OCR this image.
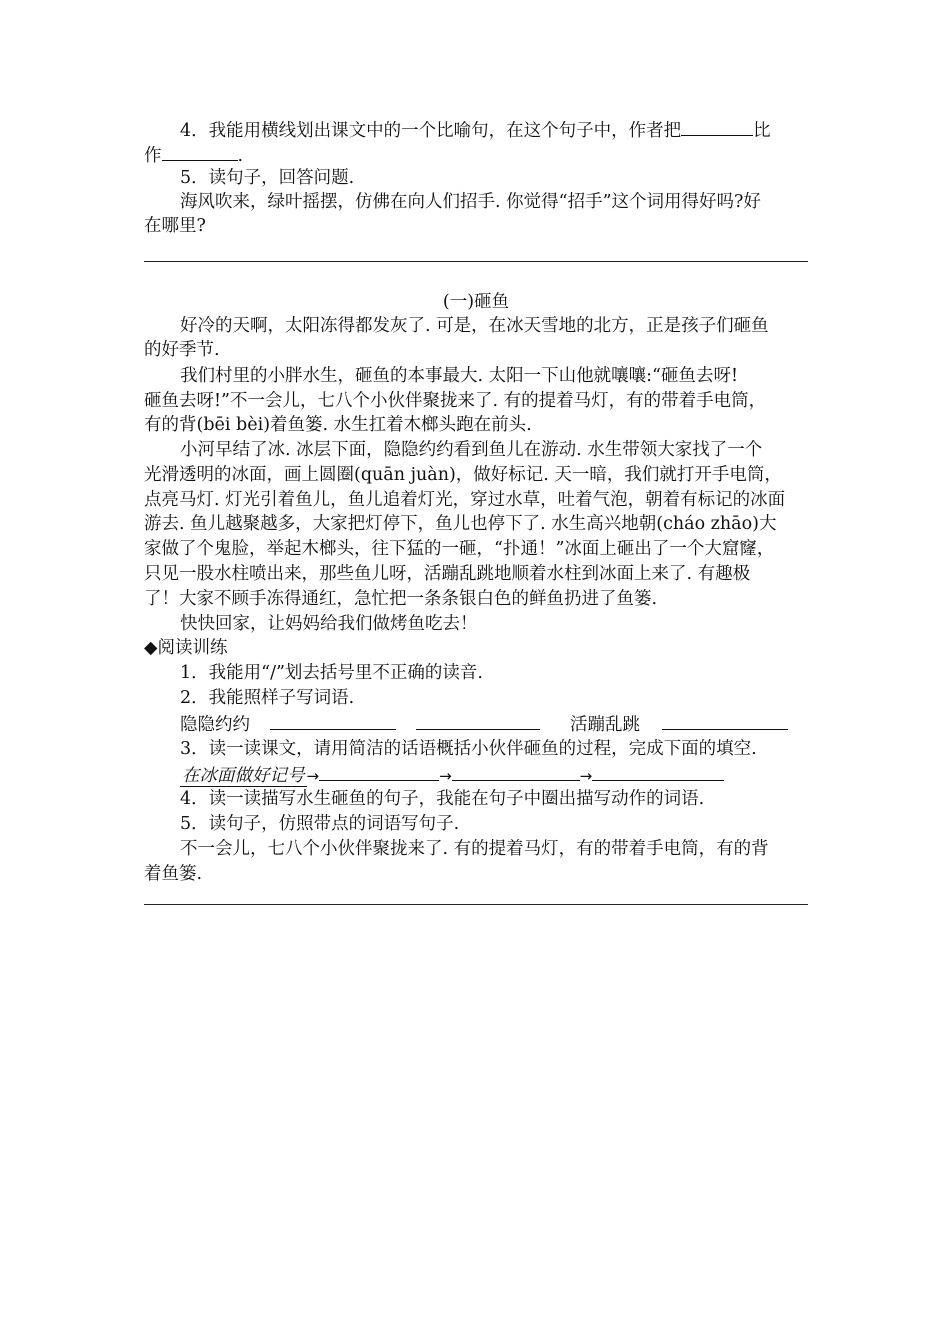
4．我能用横线划出课文中的一个比喻句，在这个句子中，作者把	比
作	.
5．读句子，回答问题.
海风吹来，绿叶摇摆，仿佛在向人们招手. 你觉得“招手”这个词用得好吗?好
在哪里?
(一)砸鱼
好冷的天啊，太阳冻得都发灰了. 可是，在冰天雪地的北方，正是孩子们砸鱼
的好季节.
我们村里的小胖水生，砸鱼的本事最大. 太阳一下山他就嚷嚷:“砸鱼去呀!
砸鱼去呀!”不一会儿，七八个小伙伴聚拢来了. 有的提着马灯，有的带着手电筒，
有的背(bēi bèi)着鱼篓. 水生扛着木榔头跑在前头.
小河早结了冰. 冰层下面，隐隐约约看到鱼儿在游动. 水生带领大家找了一个
光滑透明的冰面，画上圆圈(quān juàn)，做好标记. 天一暗，我们就打开手电筒，
点亮马灯. 灯光引着鱼儿，鱼儿追着灯光，穿过水草，吐着气泡，朝着有标记的冰面
游去. 鱼儿越聚越多，大家把灯停下，鱼儿也停下了. 水生高兴地朝(cháo zhāo)大
家做了个鬼脸，举起木榔头，往下猛的一砸，“扑通！”冰面上砸出了一个大窟窿，
只见一股水柱喷出来，那些鱼儿呀，活蹦乱跳地顺着水柱到冰面上来了. 有趣极
了！大家不顾手冻得通红，急忙把一条条银白色的鲜鱼扔进了鱼篓.
快快回家，让妈妈给我们做烤鱼吃去！
◆阅读训练
1．我能用“/”划去括号里不正确的读音.
2．我能照样子写词语.
隐隐约约	活蹦乱跳
3．读一读课文，请用简洁的话语概括小伙伴砸鱼的过程，完成下面的填空.
在冰面做好记号 →	→	→
4．读一读描写水生砸鱼的句子，我能在句子中圈出描写动作的词语.
5．读句子，仿照带点的词语写句子.
不一会儿，七八个小伙伴聚拢来了. 有的提着马灯，有的带着手电筒，有的背
着鱼篓.
